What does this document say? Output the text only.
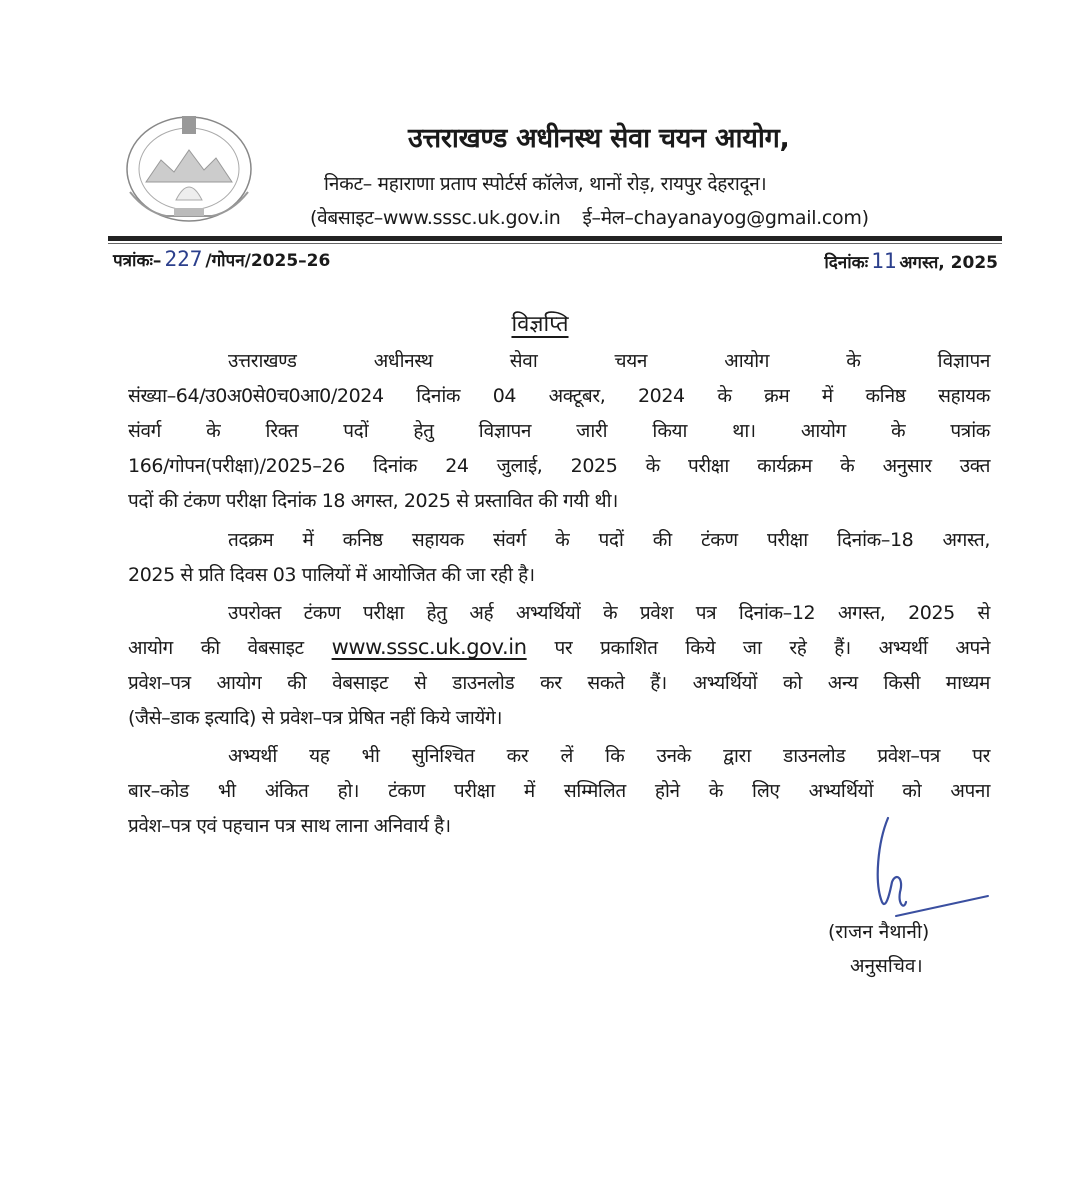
उत्तराखण्ड अधीनस्थ सेवा चयन आयोग,
निकट– महाराणा प्रताप स्पोर्टर्स कॉलेज, थानों रोड़, रायपुर देहरादून।
(वेबसाइट–www.sssc.uk.gov.in ई–मेल–chayanayog@gmail.com)
पत्रांकः– 227 /गोपन/2025–26	दिनांकः 11 अगस्त, 2025
विज्ञप्ति
उत्तराखण्ड अधीनस्थ सेवा चयन आयोग के विज्ञापन
संख्या–64/उ0अ0से0च0आ0/2024 दिनांक 04 अक्टूबर, 2024 के क्रम में कनिष्ठ सहायक
संवर्ग के रिक्त पदों हेतु विज्ञापन जारी किया था। आयोग के पत्रांक
166/गोपन(परीक्षा)/2025–26 दिनांक 24 जुलाई, 2025 के परीक्षा कार्यक्रम के अनुसार उक्त
पदों की टंकण परीक्षा दिनांक 18 अगस्त, 2025 से प्रस्तावित की गयी थी।
तदक्रम में कनिष्ठ सहायक संवर्ग के पदों की टंकण परीक्षा दिनांक–18 अगस्त,
2025 से प्रति दिवस 03 पालियों में आयोजित की जा रही है।
उपरोक्त टंकण परीक्षा हेतु अर्ह अभ्यर्थियों के प्रवेश पत्र दिनांक–12 अगस्त, 2025 से
आयोग की वेबसाइट www.sssc.uk.gov.in पर प्रकाशित किये जा रहे हैं। अभ्यर्थी अपने
प्रवेश–पत्र आयोग की वेबसाइट से डाउनलोड कर सकते हैं। अभ्यर्थियों को अन्य किसी माध्यम
(जैसे–डाक इत्यादि) से प्रवेश–पत्र प्रेषित नहीं किये जायेंगे।
अभ्यर्थी यह भी सुनिश्चित कर लें कि उनके द्वारा डाउनलोड प्रवेश–पत्र पर
बार–कोड भी अंकित हो। टंकण परीक्षा में सम्मिलित होने के लिए अभ्यर्थियों को अपना
प्रवेश–पत्र एवं पहचान पत्र साथ लाना अनिवार्य है।
(राजन नैथानी)
अनुसचिव।
